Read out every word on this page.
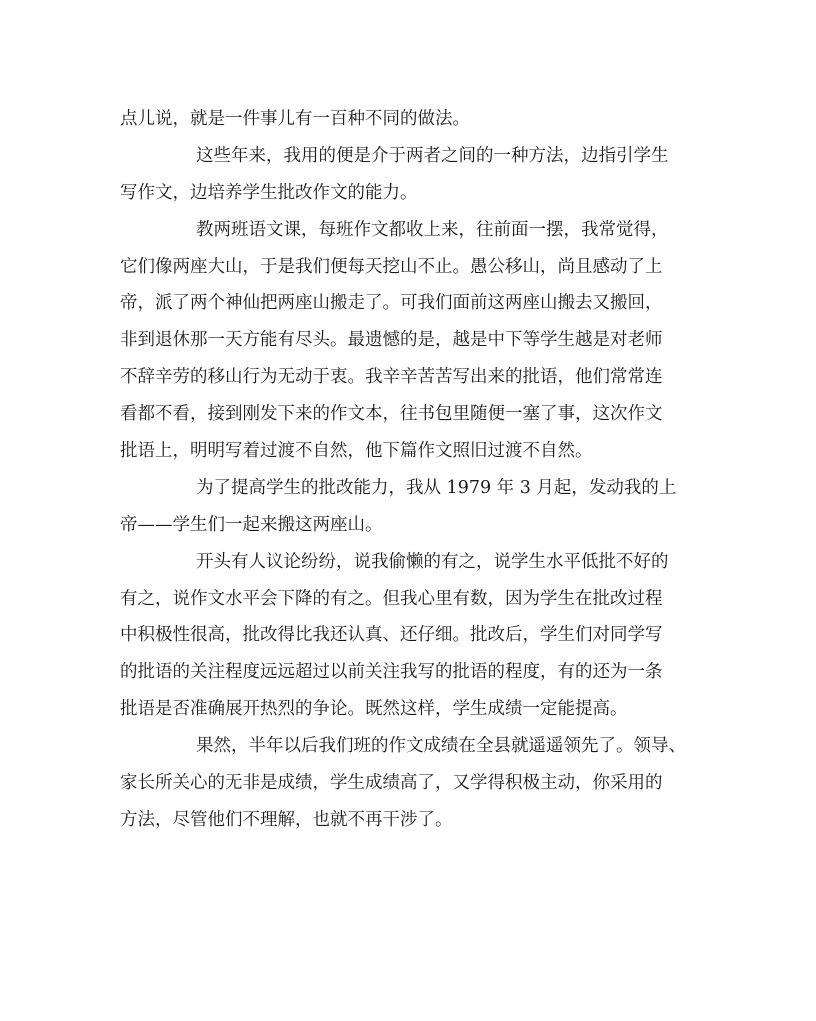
点儿说，就是一件事儿有一百种不同的做法。
这些年来，我用的便是介于两者之间的一种方法，边指引学生
写作文，边培养学生批改作文的能力。
教两班语文课，每班作文都收上来，往前面一摆，我常觉得，
它们像两座大山，于是我们便每天挖山不止。愚公移山，尚且感动了上
帝，派了两个神仙把两座山搬走了。可我们面前这两座山搬去又搬回，
非到退休那一天方能有尽头。最遗憾的是，越是中下等学生越是对老师
不辞辛劳的移山行为无动于衷。我辛辛苦苦写出来的批语，他们常常连
看都不看，接到刚发下来的作文本，往书包里随便一塞了事，这次作文
批语上，明明写着过渡不自然，他下篇作文照旧过渡不自然。
为了提高学生的批改能力，我从 1979 年 3 月起，发动我的上
帝——学生们一起来搬这两座山。
开头有人议论纷纷，说我偷懒的有之，说学生水平低批不好的
有之，说作文水平会下降的有之。但我心里有数，因为学生在批改过程
中积极性很高，批改得比我还认真、还仔细。批改后，学生们对同学写
的批语的关注程度远远超过以前关注我写的批语的程度，有的还为一条
批语是否准确展开热烈的争论。既然这样，学生成绩一定能提高。
果然，半年以后我们班的作文成绩在全县就遥遥领先了。领导、
家长所关心的无非是成绩，学生成绩高了，又学得积极主动，你采用的
方法，尽管他们不理解，也就不再干涉了。
